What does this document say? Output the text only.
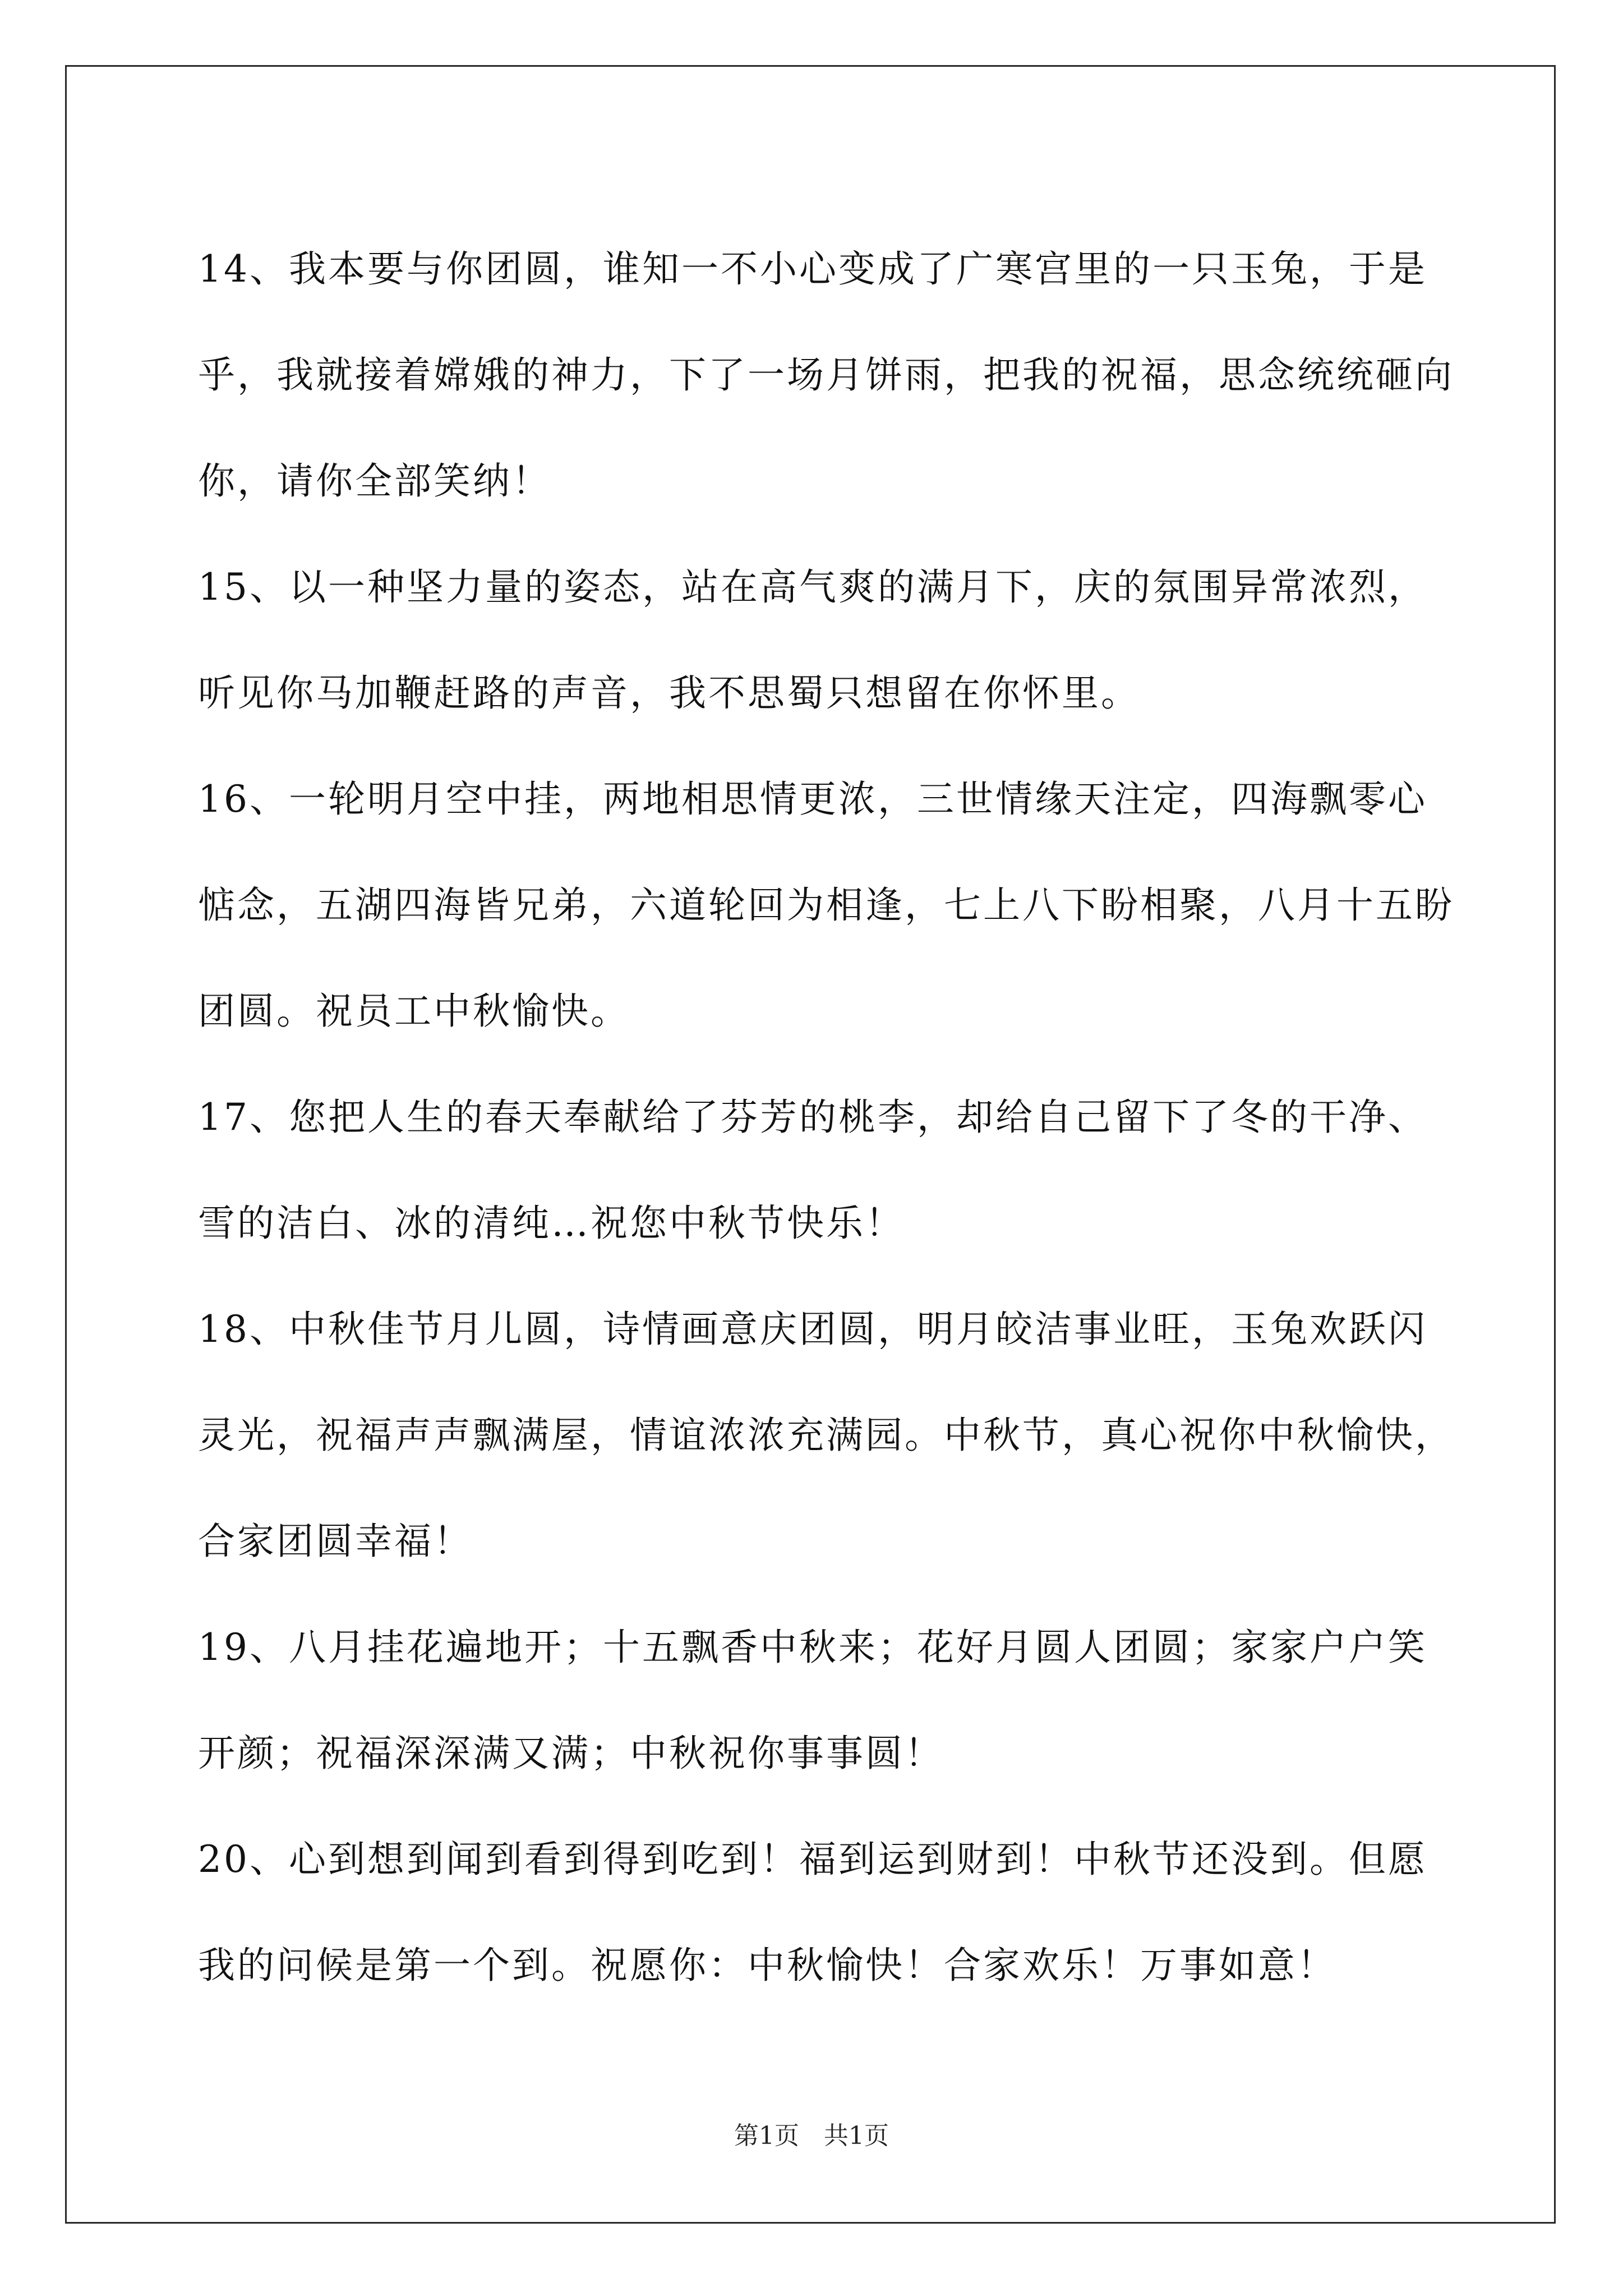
14、我本要与你团圆，谁知一不小心变成了广寒宫里的一只玉兔，于是乎，我就接着嫦娥的神力，下了一场月饼雨，把我的祝福，思念统统砸向你，请你全部笑纳！

15、以一种坚力量的姿态，站在高气爽的满月下，庆的氛围异常浓烈，听见你马加鞭赶路的声音，我不思蜀只想留在你怀里。

16、一轮明月空中挂，两地相思情更浓，三世情缘天注定，四海飘零心惦念，五湖四海皆兄弟，六道轮回为相逢，七上八下盼相聚，八月十五盼团圆。祝员工中秋愉快。

17、您把人生的春天奉献给了芬芳的桃李，却给自己留下了冬的干净、雪的洁白、冰的清纯…祝您中秋节快乐！

18、中秋佳节月儿圆，诗情画意庆团圆，明月皎洁事业旺，玉兔欢跃闪灵光，祝福声声飘满屋，情谊浓浓充满园。中秋节，真心祝你中秋愉快，合家团圆幸福！

19、八月挂花遍地开；十五飘香中秋来；花好月圆人团圆；家家户户笑开颜；祝福深深满又满；中秋祝你事事圆！

20、心到想到闻到看到得到吃到！福到运到财到！中秋节还没到。但愿我的问候是第一个到。祝愿你：中秋愉快！合家欢乐！万事如意！

第1页 共1页
